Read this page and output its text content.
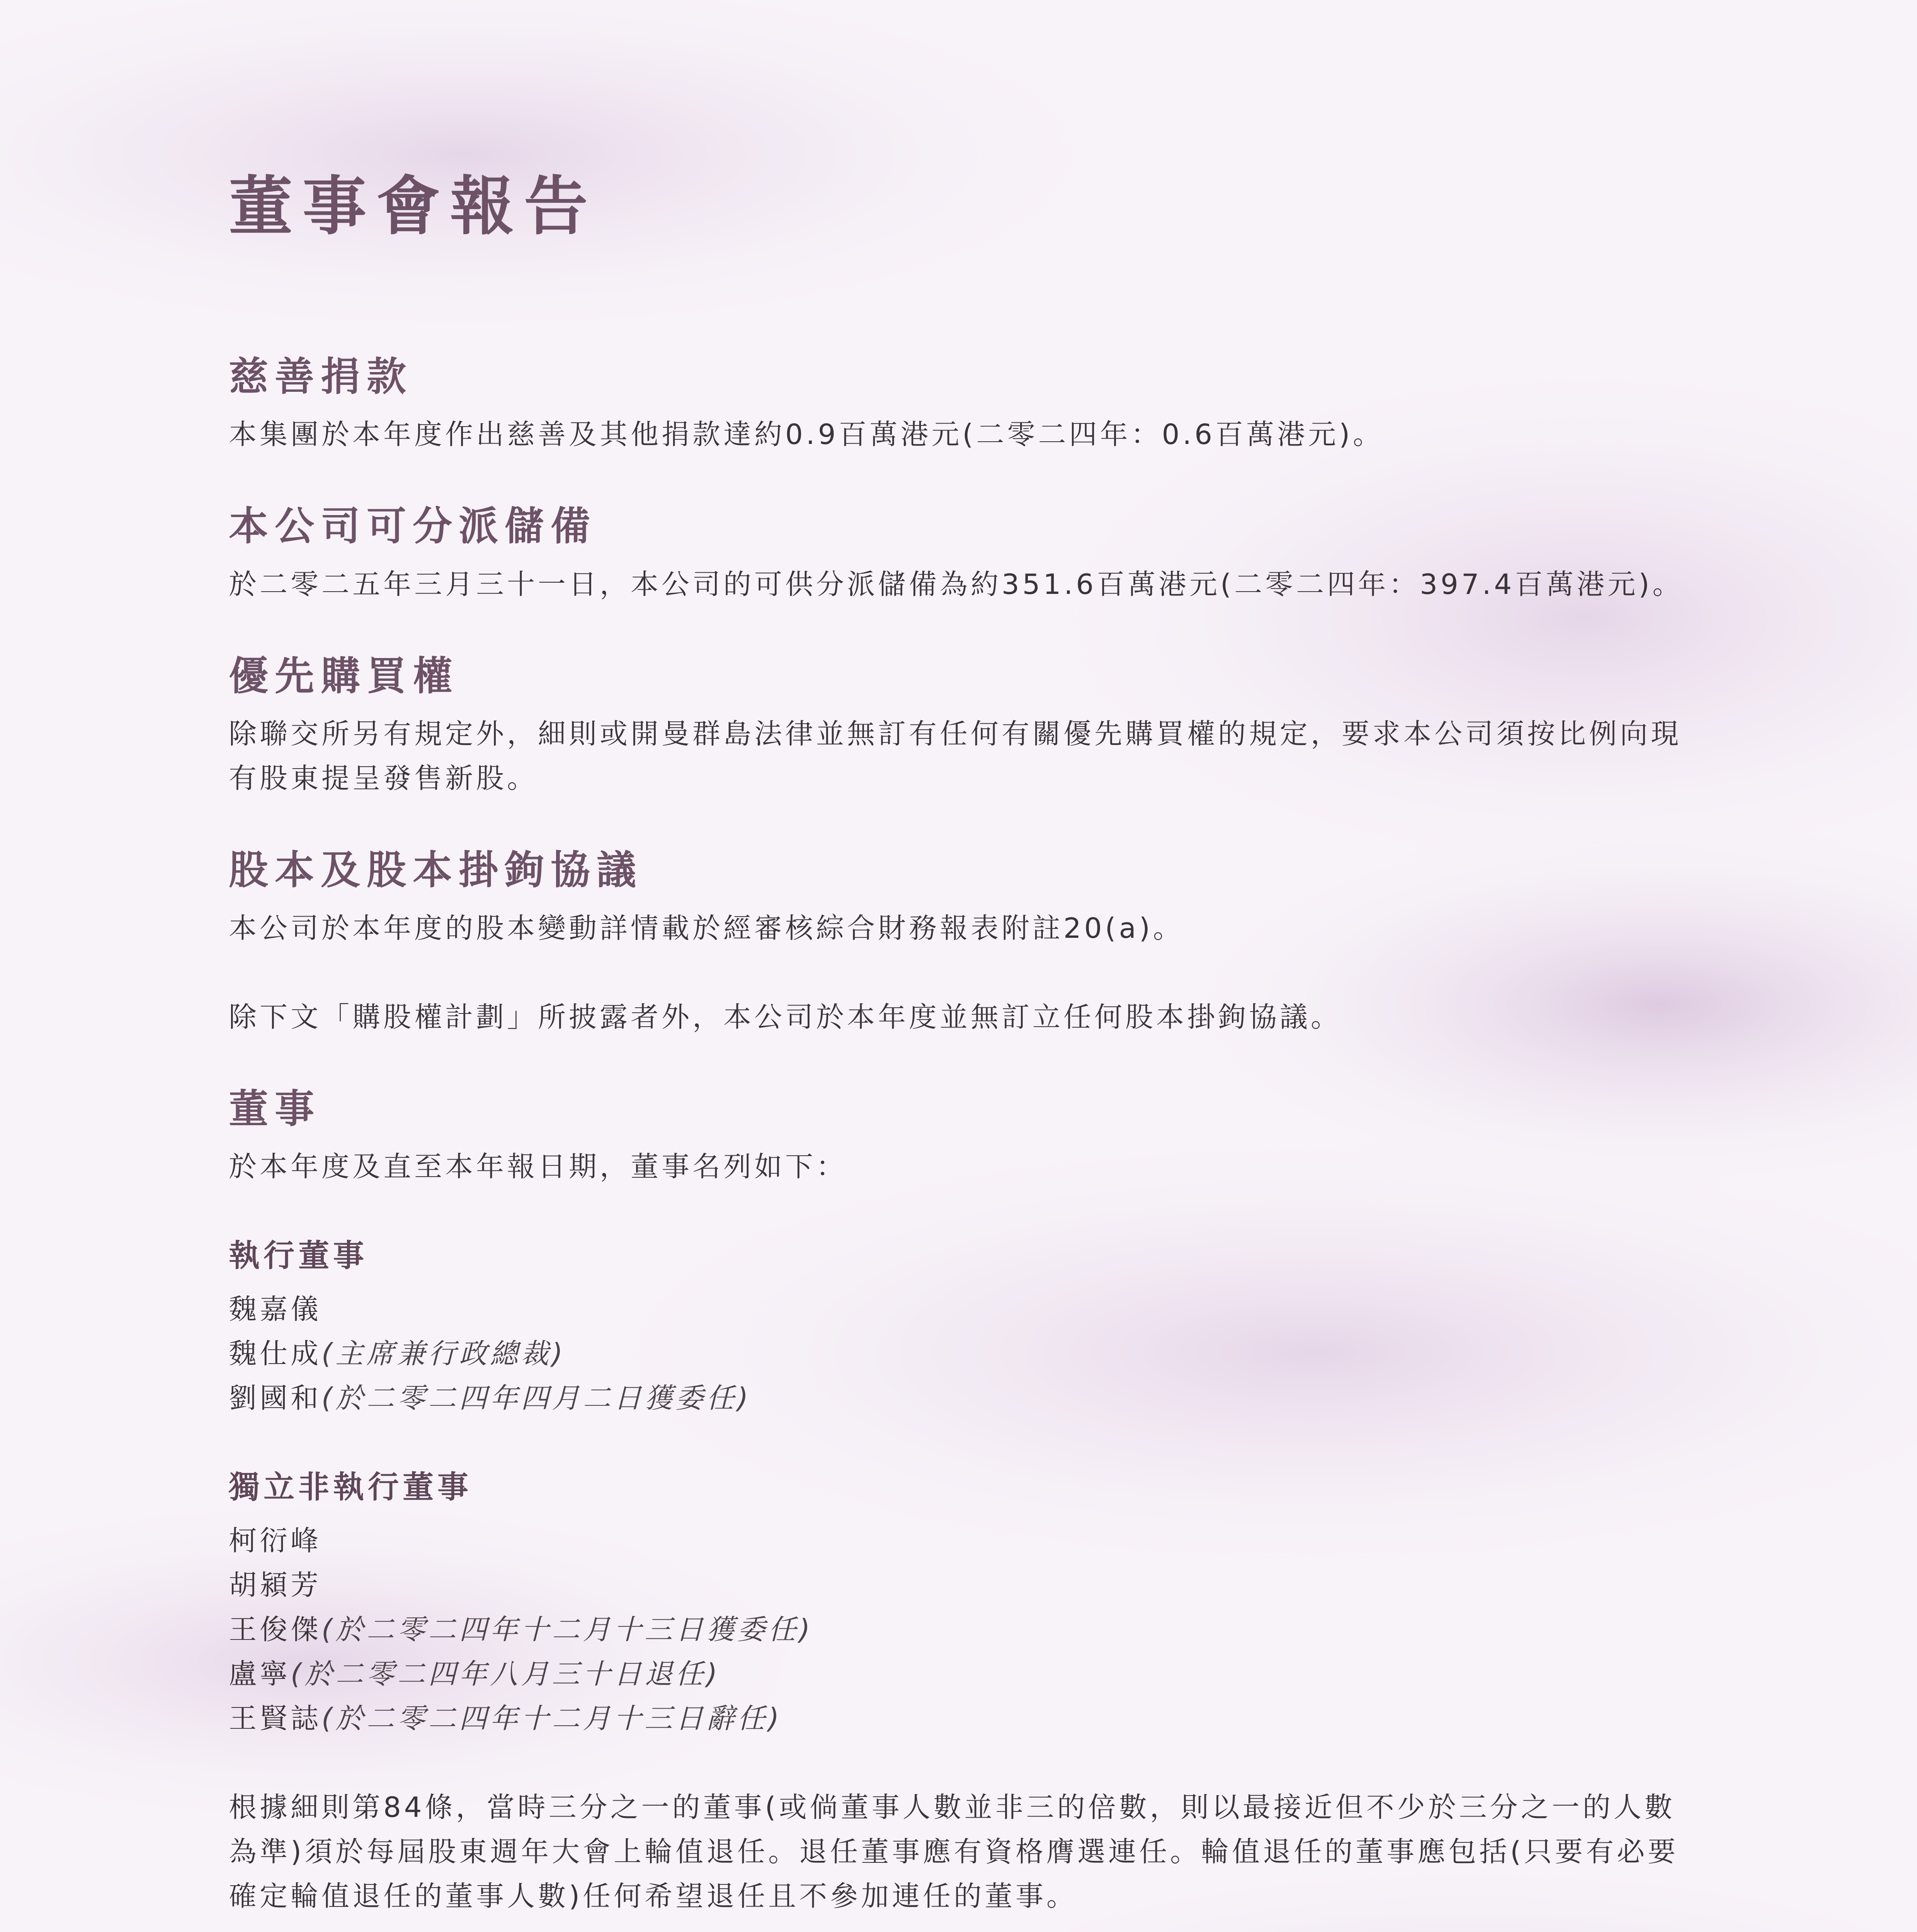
董事會報告
慈善捐款

本集團於本年度作出慈善及其他捐款達約0.9百萬港元(二零二四年：0.6百萬港元)。

本公司可分派儲備

於二零二五年三月三十一日，本公司的可供分派儲備為約351.6百萬港元(二零二四年：397.4百萬港元)。

優先購買權

除聯交所另有規定外，細則或開曼群島法律並無訂有任何有關優先購買權的規定，要求本公司須按比例向現有股東提呈發售新股。

股本及股本掛鉤協議

本公司於本年度的股本變動詳情載於經審核綜合財務報表附註20(a)。

除下文「購股權計劃」所披露者外，本公司於本年度並無訂立任何股本掛鉤協議。

董事

於本年度及直至本年報日期，董事名列如下：

執行董事
魏嘉儀
魏仕成(主席兼行政總裁)
劉國和(於二零二四年四月二日獲委任)
獨立非執行董事
柯衍峰
胡潁芳
王俊傑(於二零二四年十二月十三日獲委任)
盧寧(於二零二四年八月三十日退任)
王賢誌(於二零二四年十二月十三日辭任)

根據細則第84條，當時三分之一的董事(或倘董事人數並非三的倍數，則以最接近但不少於三分之一的人數為準)須於每屆股東週年大會上輪值退任。退任董事應有資格膺選連任。輪值退任的董事應包括(只要有必要確定輪值退任的董事人數)任何希望退任且不參加連任的董事。
